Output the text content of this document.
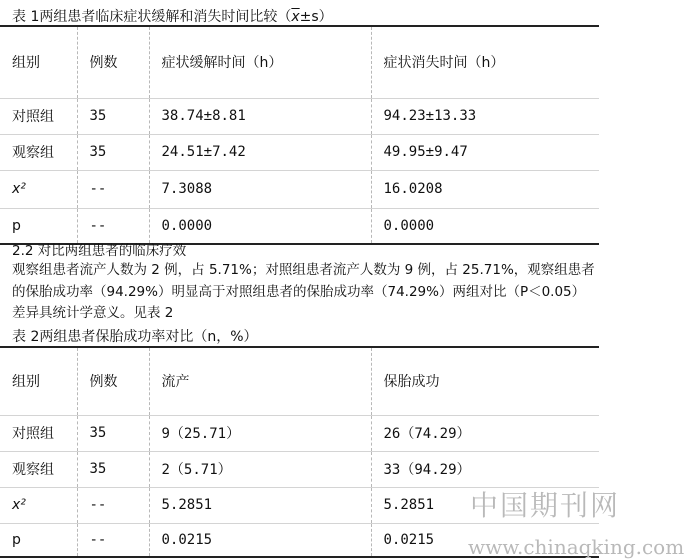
表 1两组患者临床症状缓解和消失时间比较$(\overline{x}\pm s)$
组别	例数	症状缓解时间（h）	症状消失时间（h）
对照组	35	38.74±8.81	94.23±13.33
观察组	35	24.51±7.42	49.95±9.47
x²	--	7.3088	16.0208
p	--	0.0000	0.0000
2.2 对比两组患者的临床疗效
观察组患者流产人数为 2 例，占 5.71%；对照组患者流产人数为 9 例，占 25.71%，观察组患者
的保胎成功率（94.29%）明显高于对照组患者的保胎成功率（74.29%）两组对比（P＜0.05）
差异具统计学意义。见表 2
表 2两组患者保胎成功率对比（n，%）
组别	例数	流产	保胎成功
对照组	35	9（25.71）	26（74.29）
观察组	35	2（5.71）	33（94.29）
x²	--	5.2851	5.2851
p	--	0.0215	0.0215
中国期刊网
www.chinaqking.com
